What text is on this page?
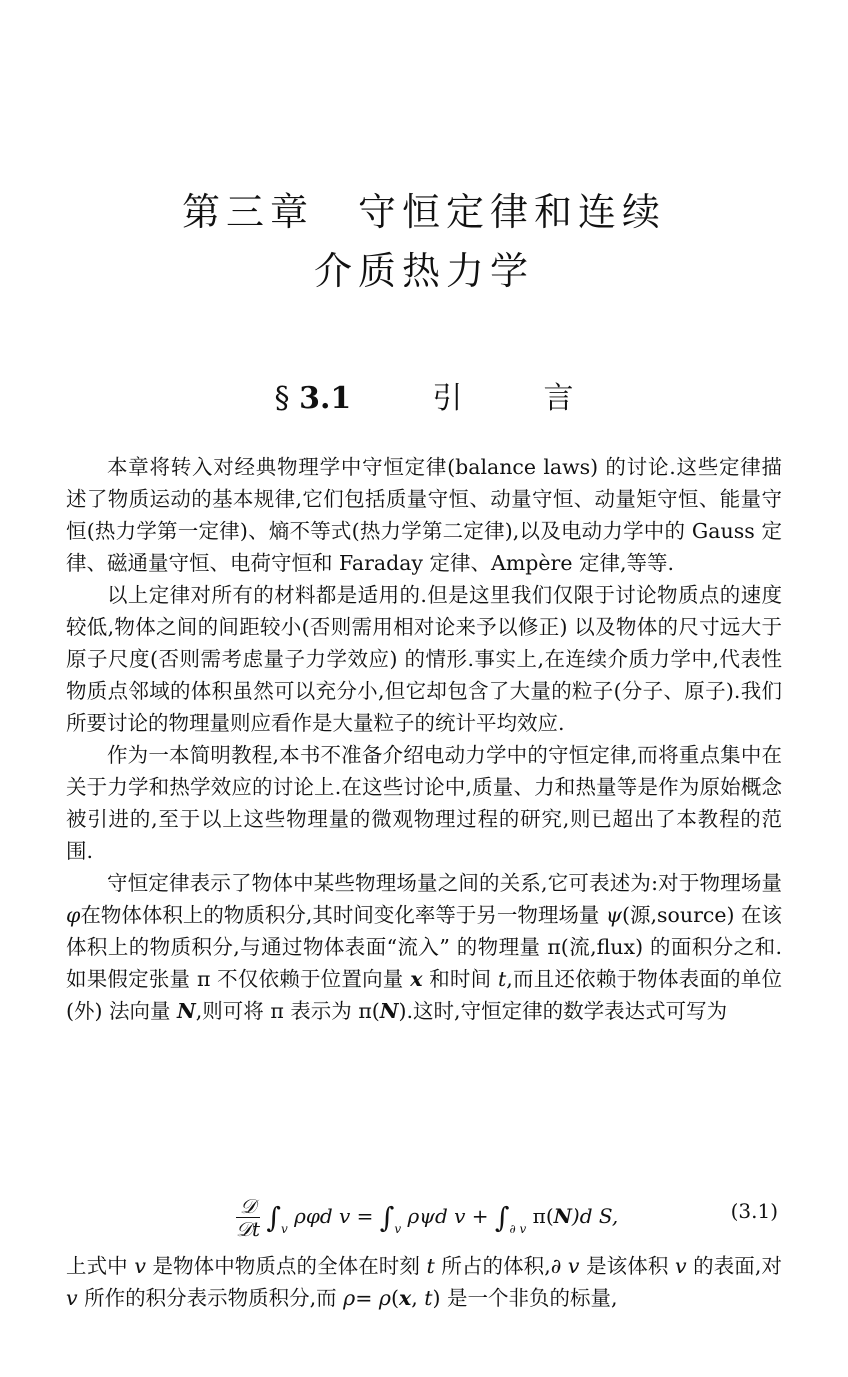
第三章　守恒定律和连续
介质热力学
§ 3.1	引	言

本章将转入对经典物理学中守恒定律(balance laws) 的讨论.这些定律描述了物质运动的基本规律,它们包括质量守恒、动量守恒、动量矩守恒、能量守恒(热力学第一定律)、熵不等式(热力学第二定律),以及电动力学中的 Gauss 定律、磁通量守恒、电荷守恒和 Faraday 定律、Ampère 定律,等等.

以上定律对所有的材料都是适用的.但是这里我们仅限于讨论物质点的速度较低,物体之间的间距较小(否则需用相对论来予以修正) 以及物体的尺寸远大于原子尺度(否则需考虑量子力学效应) 的情形.事实上,在连续介质力学中,代表性物质点邻域的体积虽然可以充分小,但它却包含了大量的粒子(分子、原子).我们所要讨论的物理量则应看作是大量粒子的统计平均效应.

作为一本简明教程,本书不准备介绍电动力学中的守恒定律,而将重点集中在关于力学和热学效应的讨论上.在这些讨论中,质量、力和热量等是作为原始概念被引进的,至于以上这些物理量的微观物理过程的研究,则已超出了本教程的范围.

守恒定律表示了物体中某些物理场量之间的关系,它可表述为:对于物理场量 φ在物体体积上的物质积分,其时间变化率等于另一物理场量 ψ(源,source) 在该体积上的物质积分,与通过物体表面“流入” 的物理量 π(流,flux) 的面积分之和.如果假定张量 π 不仅依赖于位置向量 x 和时间 t,而且还依赖于物体表面的单位(外) 法向量 N,则可将 π 表示为 π(N).这时,守恒定律的数学表达式可写为

$\frac{\text{𝒟}}{\text{𝒟t}} \int_v$ ρφd $v = \int_v$ ρψd $v + \int_{\partial v}$ π(N)d S,	(3.1)

上式中 v 是物体中物质点的全体在时刻 t 所占的体积,∂ v 是该体积 v 的表面,对 v 所作的积分表示物质积分,而 ρ= ρ(x, t) 是一个非负的标量,
